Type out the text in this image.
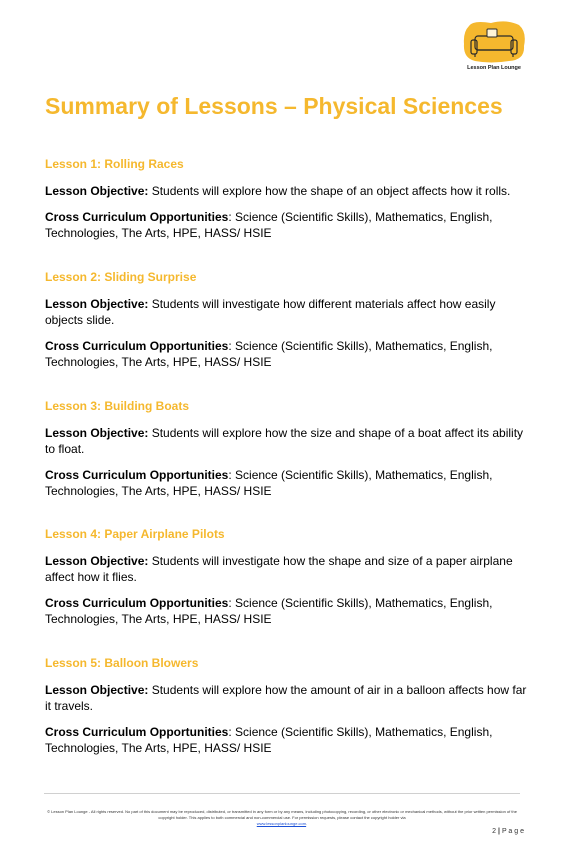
Lesson Plan Lounge
Summary of Lessons – Physical Sciences
Lesson 1: Rolling Races

Lesson Objective: Students will explore how the shape of an object affects how it rolls.

Cross Curriculum Opportunities: Science (Scientific Skills), Mathematics, English, Technologies, The Arts, HPE, HASS/ HSIE

Lesson 2: Sliding Surprise

Lesson Objective: Students will investigate how different materials affect how easily objects slide.

Cross Curriculum Opportunities: Science (Scientific Skills), Mathematics, English, Technologies, The Arts, HPE, HASS/ HSIE

Lesson 3: Building Boats

Lesson Objective: Students will explore how the size and shape of a boat affect its ability to float.

Cross Curriculum Opportunities: Science (Scientific Skills), Mathematics, English, Technologies, The Arts, HPE, HASS/ HSIE

Lesson 4: Paper Airplane Pilots

Lesson Objective: Students will investigate how the shape and size of a paper airplane affect how it flies.

Cross Curriculum Opportunities: Science (Scientific Skills), Mathematics, English, Technologies, The Arts, HPE, HASS/ HSIE

Lesson 5: Balloon Blowers

Lesson Objective: Students will explore how the amount of air in a balloon affects how far it travels.

Cross Curriculum Opportunities: Science (Scientific Skills), Mathematics, English, Technologies, The Arts, HPE, HASS/ HSIE

© Lesson Plan Lounge - All rights reserved. No part of this document may be reproduced, distributed, or transmitted in any form or by any means, including photocopying, recording, or other electronic or mechanical methods, without the prior written permission of the copyright holder. This applies to both commercial and non-commercial use. For permission requests, please contact the copyright holder via
www.lessonplanlounge.com.
2 | P a g e
